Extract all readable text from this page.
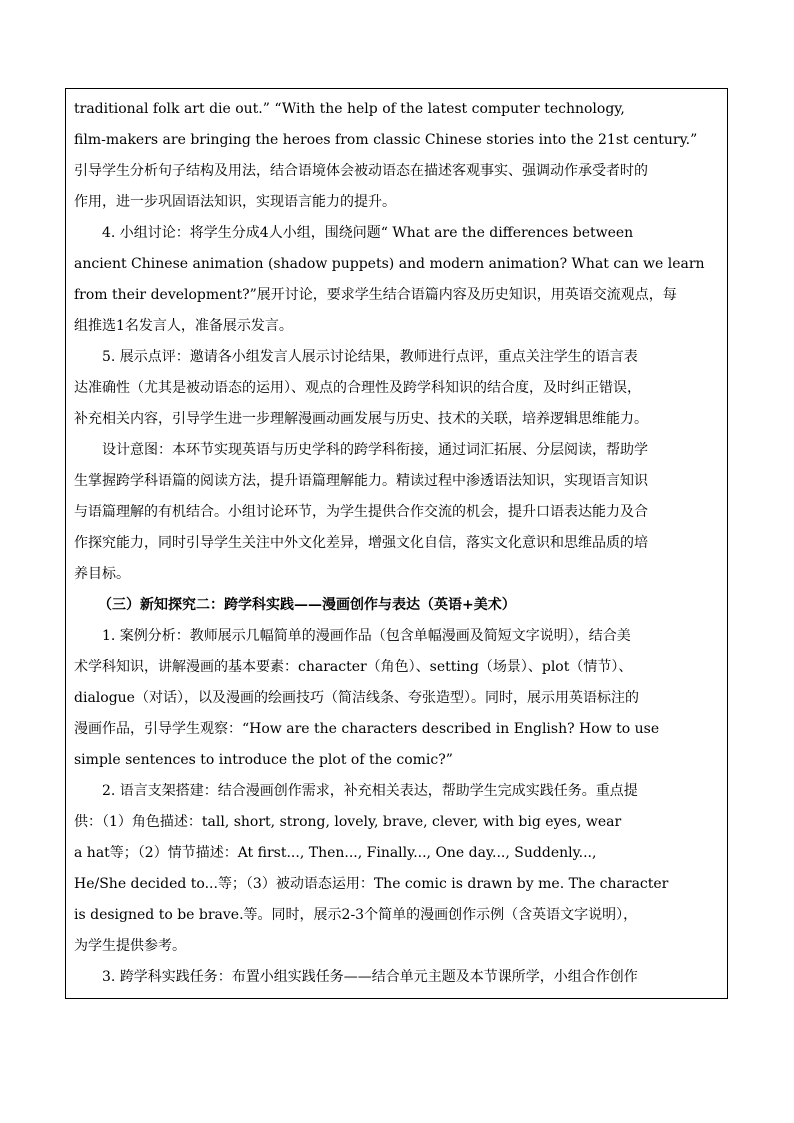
traditional folk art die out.” “With the help of the latest computer technology,

film-makers are bringing the heroes from classic Chinese stories into the 21st century.”

引导学生分析句子结构及用法，结合语境体会被动语态在描述客观事实、强调动作承受者时的

作用，进一步巩固语法知识，实现语言能力的提升。

4. 小组讨论：将学生分成4人小组，围绕问题“ What are the differences between

ancient Chinese animation (shadow puppets) and modern animation? What can we learn

from their development?”展开讨论，要求学生结合语篇内容及历史知识，用英语交流观点，每

组推选1名发言人，准备展示发言。

5. 展示点评：邀请各小组发言人展示讨论结果，教师进行点评，重点关注学生的语言表

达准确性（尤其是被动语态的运用）、观点的合理性及跨学科知识的结合度，及时纠正错误，

补充相关内容，引导学生进一步理解漫画动画发展与历史、技术的关联，培养逻辑思维能力。

设计意图：本环节实现英语与历史学科的跨学科衔接，通过词汇拓展、分层阅读，帮助学

生掌握跨学科语篇的阅读方法，提升语篇理解能力。精读过程中渗透语法知识，实现语言知识

与语篇理解的有机结合。小组讨论环节，为学生提供合作交流的机会，提升口语表达能力及合

作探究能力，同时引导学生关注中外文化差异，增强文化自信，落实文化意识和思维品质的培

养目标。

（三）新知探究二：跨学科实践——漫画创作与表达（英语+美术）

1. 案例分析：教师展示几幅简单的漫画作品（包含单幅漫画及简短文字说明），结合美

术学科知识，讲解漫画的基本要素：character（角色）、setting（场景）、plot（情节）、

dialogue（对话），以及漫画的绘画技巧（简洁线条、夸张造型）。同时，展示用英语标注的

漫画作品，引导学生观察：“How are the characters described in English? How to use

simple sentences to introduce the plot of the comic?”

2. 语言支架搭建：结合漫画创作需求，补充相关表达，帮助学生完成实践任务。重点提

供：（1）角色描述：tall, short, strong, lovely, brave, clever, with big eyes, wear

a hat等；（2）情节描述：At first..., Then..., Finally..., One day..., Suddenly...,

He/She decided to...等；（3）被动语态运用：The comic is drawn by me. The character

is designed to be brave.等。同时，展示2-3个简单的漫画创作示例（含英语文字说明），

为学生提供参考。

3. 跨学科实践任务：布置小组实践任务——结合单元主题及本节课所学，小组合作创作
